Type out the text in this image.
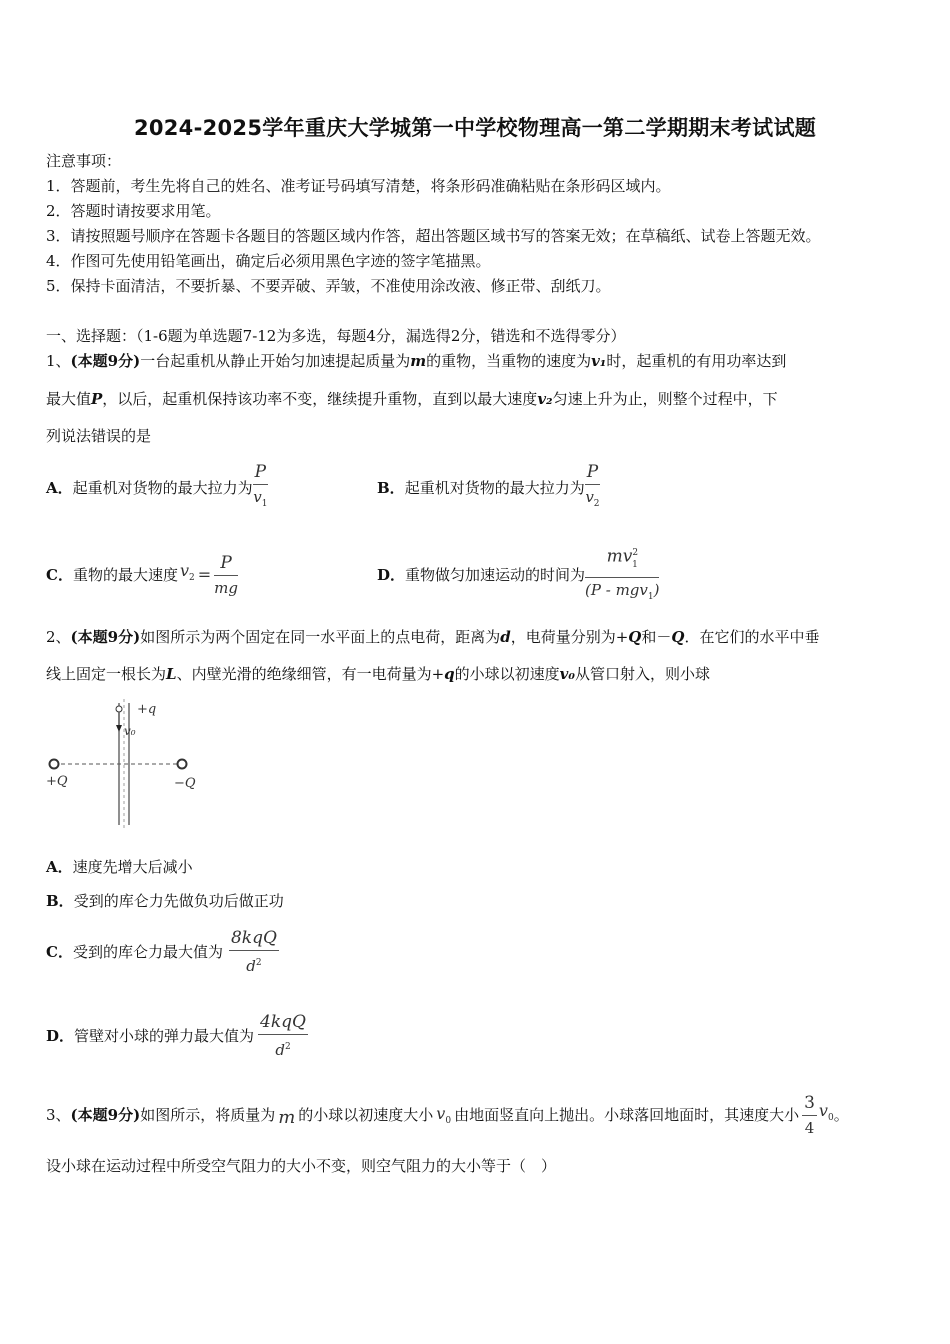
2024-2025学年重庆大学城第一中学校物理高一第二学期期末考试试题
注意事项：
1．答题前，考生先将自己的姓名、准考证号码填写清楚，将条形码准确粘贴在条形码区域内。
2．答题时请按要求用笔。
3．请按照题号顺序在答题卡各题目的答题区域内作答，超出答题区域书写的答案无效；在草稿纸、试卷上答题无效。
4．作图可先使用铅笔画出，确定后必须用黑色字迹的签字笔描黑。
5．保持卡面清洁，不要折暴、不要弄破、弄皱，不准使用涂改液、修正带、刮纸刀。
一、选择题：（1-6题为单选题7-12为多选，每题4分，漏选得2分，错选和不选得零分）
1、(本题9分)一台起重机从静止开始匀加速提起质量为m的重物，当重物的速度为v₁时，起重机的有用功率达到
最大值P，以后，起重机保持该功率不变，继续提升重物，直到以最大速度v₂匀速上升为止，则整个过程中，下
列说法错误的是
A． 起重机对货物的最大拉力为 $\frac{P}{v_1}$	B． 起重机对货物的最大拉力为 $\frac{P}{v_2}$
C． 重物的最大速度 $v_2 = \frac{P}{mg}$	D． 重物做匀加速运动的时间为 $\frac{mv^2_1}{(P - mgv_1)}$
2、(本题9分)如图所示为两个固定在同一水平面上的点电荷，距离为d，电荷量分别为+Q和－Q．在它们的水平中垂
线上固定一根长为L、内壁光滑的绝缘细管，有一电荷量为+q的小球以初速度v₀从管口射入，则小球
+q
v₀
+Q	−Q
A．速度先增大后减小
B．受到的库仑力先做负功后做正功
C． 受到的库仑力最大值为 $\frac{\text{8kqQ}}{d^2}$
D． 管壁对小球的弹力最大值为 $\frac{\text{4kqQ}}{d^2}$
3、 (本题9分) 如图所示，将质量为 m 的小球以初速度大小 $v_0$ 由地面竖直向上抛出。小球落回地面时，其速度大小 $\frac{3}{4} v_0$ 。
设小球在运动过程中所受空气阻力的大小不变，则空气阻力的大小等于（　）
